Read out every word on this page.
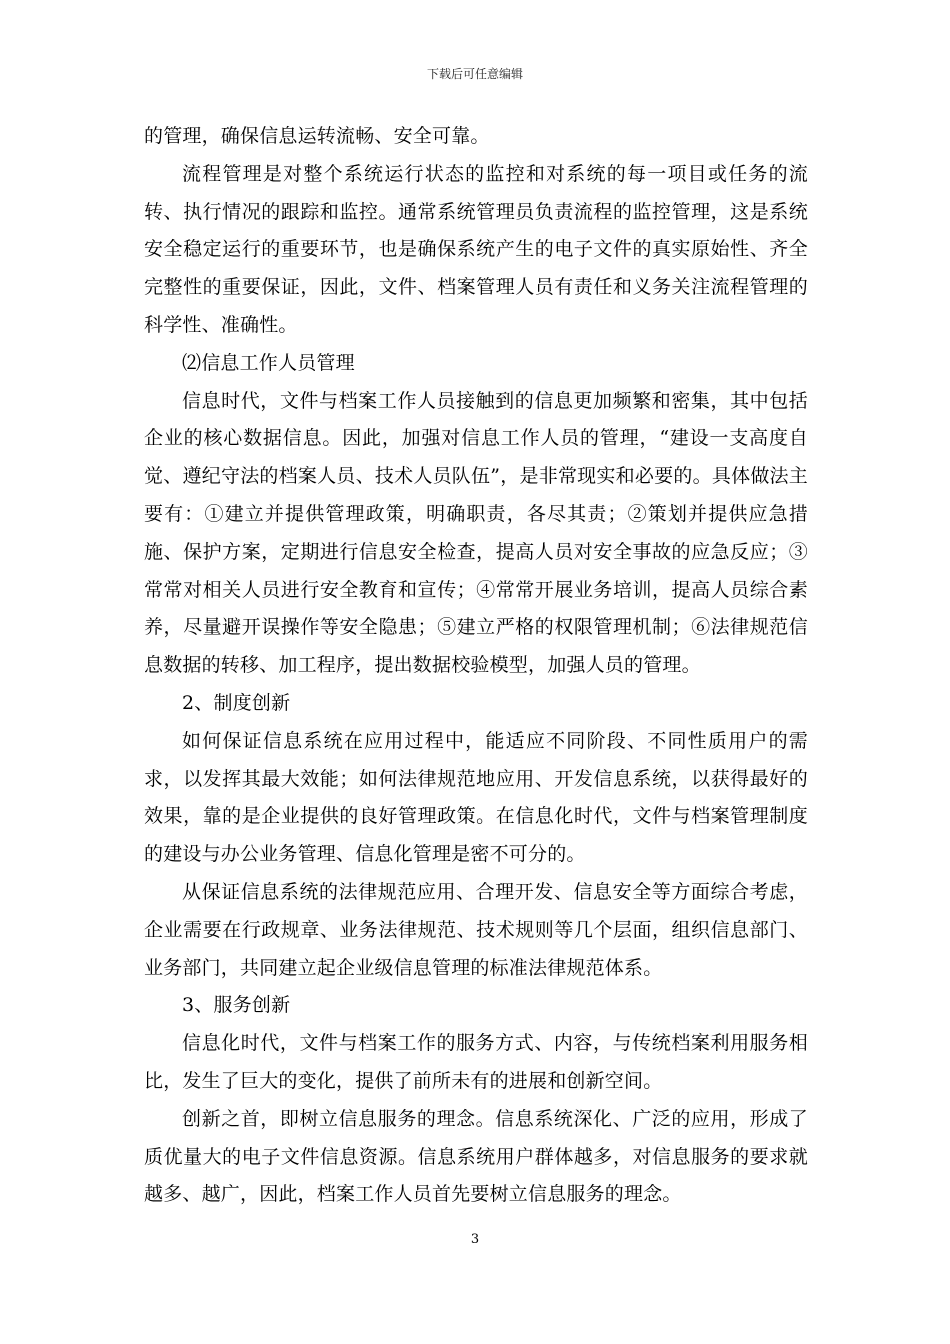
下载后可任意编辑

的管理，确保信息运转流畅、安全可靠。

流程管理是对整个系统运行状态的监控和对系统的每一项目或任务的流转、执行情况的跟踪和监控。通常系统管理员负责流程的监控管理，这是系统安全稳定运行的重要环节，也是确保系统产生的电子文件的真实原始性、齐全完整性的重要保证，因此，文件、档案管理人员有责任和义务关注流程管理的科学性、准确性。

⑵信息工作人员管理

信息时代，文件与档案工作人员接触到的信息更加频繁和密集，其中包括企业的核心数据信息。因此，加强对信息工作人员的管理，“建设一支高度自觉、遵纪守法的档案人员、技术人员队伍”，是非常现实和必要的。具体做法主要有：①建立并提供管理政策，明确职责，各尽其责；②策划并提供应急措施、保护方案，定期进行信息安全检查，提高人员对安全事故的应急反应；③常常对相关人员进行安全教育和宣传；④常常开展业务培训，提高人员综合素养，尽量避开误操作等安全隐患；⑤建立严格的权限管理机制；⑥法律规范信息数据的转移、加工程序，提出数据校验模型，加强人员的管理。

2、制度创新

如何保证信息系统在应用过程中，能适应不同阶段、不同性质用户的需求，以发挥其最大效能；如何法律规范地应用、开发信息系统，以获得最好的效果，靠的是企业提供的良好管理政策。在信息化时代，文件与档案管理制度的建设与办公业务管理、信息化管理是密不可分的。

从保证信息系统的法律规范应用、合理开发、信息安全等方面综合考虑，企业需要在行政规章、业务法律规范、技术规则等几个层面，组织信息部门、业务部门，共同建立起企业级信息管理的标准法律规范体系。

3、服务创新

信息化时代，文件与档案工作的服务方式、内容，与传统档案利用服务相比，发生了巨大的变化，提供了前所未有的进展和创新空间。

创新之首，即树立信息服务的理念。信息系统深化、广泛的应用，形成了质优量大的电子文件信息资源。信息系统用户群体越多，对信息服务的要求就越多、越广，因此，档案工作人员首先要树立信息服务的理念。

3
